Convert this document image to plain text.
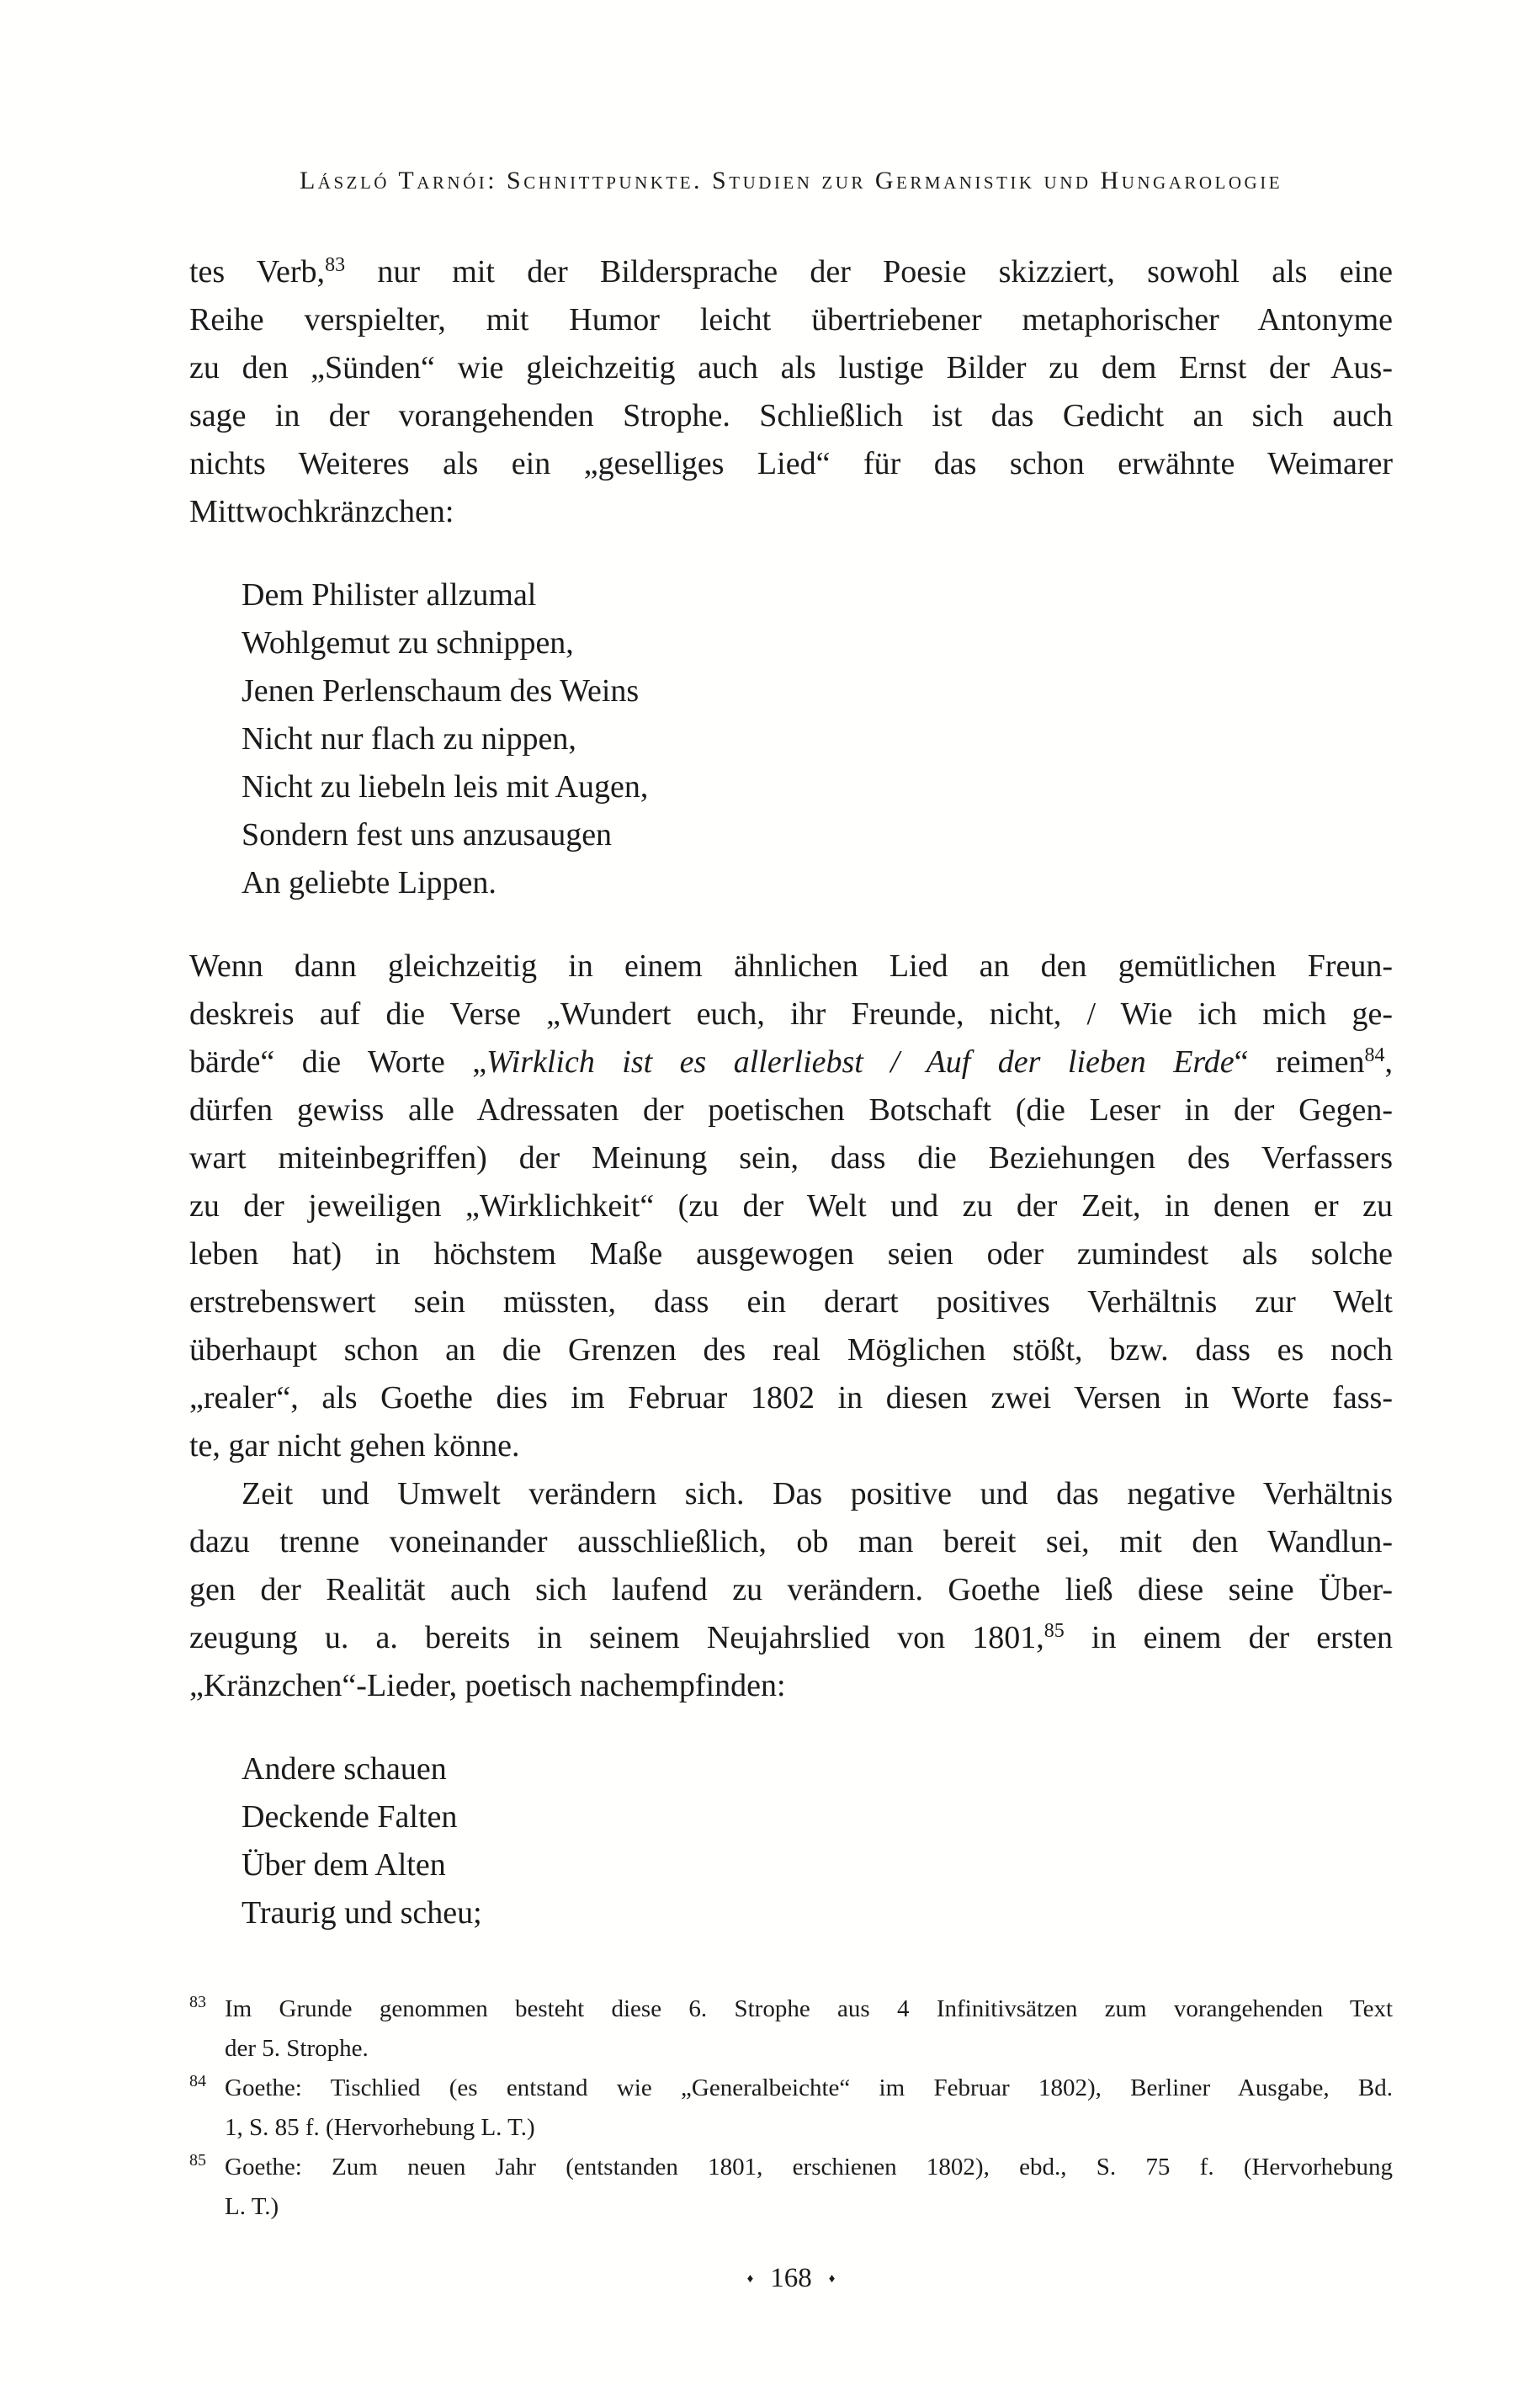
László Tarnói: Schnittpunkte. Studien zur Germanistik und Hungarologie
tes Verb,$^{83}$ nur mit der Bildersprache der Poesie skizziert, sowohl als eine
Reihe verspielter, mit Humor leicht übertriebener metaphorischer Antonyme
zu den „Sünden“ wie gleichzeitig auch als lustige Bilder zu dem Ernst der Aus-
sage in der vorangehenden Strophe. Schließlich ist das Gedicht an sich auch
nichts Weiteres als ein „geselliges Lied“ für das schon erwähnte Weimarer
Mittwochkränzchen:
Dem Philister allzumal
Wohlgemut zu schnippen,
Jenen Perlenschaum des Weins
Nicht nur flach zu nippen,
Nicht zu liebeln leis mit Augen,
Sondern fest uns anzusaugen
An geliebte Lippen.
Wenn dann gleichzeitig in einem ähnlichen Lied an den gemütlichen Freun-
deskreis auf die Verse „Wundert euch, ihr Freunde, nicht, / Wie ich mich ge-
bärde“ die Worte „Wirklich ist es allerliebst / Auf der lieben Erde“ reimen$^{84}$,
dürfen gewiss alle Adressaten der poetischen Botschaft (die Leser in der Gegen-
wart miteinbegriffen) der Meinung sein, dass die Beziehungen des Verfassers
zu der jeweiligen „Wirklichkeit“ (zu der Welt und zu der Zeit, in denen er zu
leben hat) in höchstem Maße ausgewogen seien oder zumindest als solche
erstrebenswert sein müssten, dass ein derart positives Verhältnis zur Welt
überhaupt schon an die Grenzen des real Möglichen stößt, bzw. dass es noch
„realer“, als Goethe dies im Februar 1802 in diesen zwei Versen in Worte fass-
te, gar nicht gehen könne.
Zeit und Umwelt verändern sich. Das positive und das negative Verhältnis
dazu trenne voneinander ausschließlich, ob man bereit sei, mit den Wandlun-
gen der Realität auch sich laufend zu verändern. Goethe ließ diese seine Über-
zeugung u. a. bereits in seinem Neujahrslied von 1801,85 in einem der ersten
„Kränzchen“-Lieder, poetisch nachempfinden:
Andere schauen
Deckende Falten
Über dem Alten
Traurig und scheu;
83 Im Grunde genommen besteht diese 6. Strophe aus 4 Infinitivsätzen zum vorangehenden Text
der 5. Strophe.
84 Goethe: Tischlied (es entstand wie „Generalbeichte“ im Februar 1802), Berliner Ausgabe, Bd.
1, S. 85 f. (Hervorhebung L. T.)
85 Goethe: Zum neuen Jahr (entstanden 1801, erschienen 1802), ebd., S. 75 f. (Hervorhebung
L. T.)
♦ 168 ♦
